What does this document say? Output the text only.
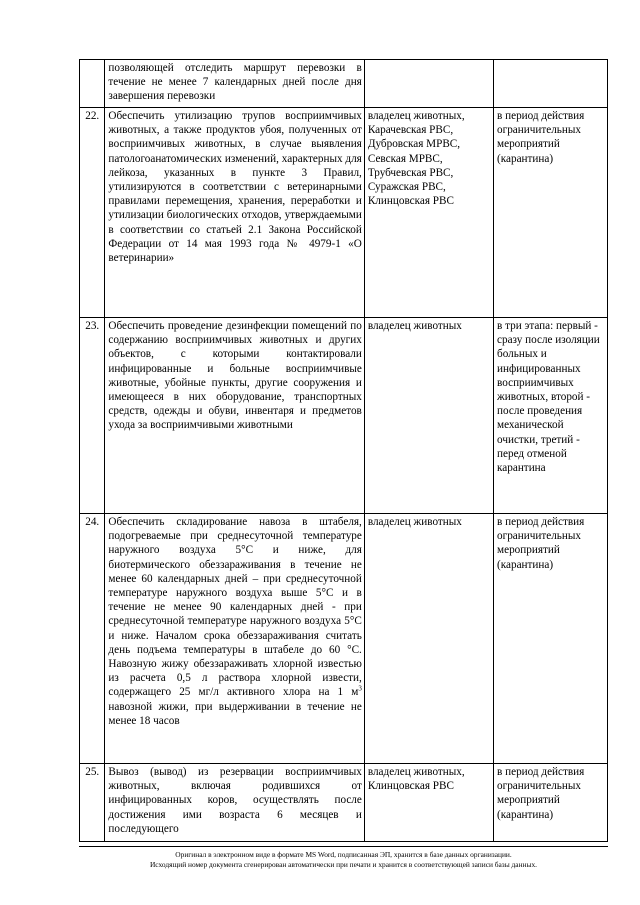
	позволяющей отследить маршрут перевозки в течение не менее 7 календарных дней после дня завершения перевозки		
22.	Обеспечить утилизацию трупов восприимчивых животных, а также продуктов убоя, полученных от восприимчивых животных, в случае выявления патологоанатомических изменений, характерных для лейкоза, указанных в пункте 3 Правил, утилизируются в соответствии с ветеринарными правилами перемещения, хранения, переработки и утилизации биологических отходов, утверждаемыми в соответствии со статьей 2.1 Закона Российской Федерации от 14 мая 1993 года № 4979-1 «О ветеринарии»	владелец животных, Карачевская РВС, Дубровская МРВС, Севская МРВС, Трубчевская РВС, Суражская РВС, Клинцовская РВС	в период действия ограничительных мероприятий (карантина)
23.	Обеспечить проведение дезинфекции помещений по содержанию восприимчивых животных и других объектов, с которыми контактировали инфицированные и больные восприимчивые животные, убойные пункты, другие сооружения и имеющееся в них оборудование, транспортных средств, одежды и обуви, инвентаря и предметов ухода за восприимчивыми животными	владелец животных	в три этапа: первый - сразу после изоляции больных и инфицированных восприимчивых животных, второй - после проведения механической очистки, третий - перед отменой карантина
24.	Обеспечить складирование навоза в штабеля, подогреваемые при среднесуточной температуре наружного воздуха 5°С и ниже, для биотермического обеззараживания в течение не менее 60 календарных дней – при среднесуточной температуре наружного воздуха выше 5°С и в течение не менее 90 календарных дней - при среднесуточной температуре наружного воздуха 5°С и ниже. Началом срока обеззараживания считать день подъема температуры в штабеле до 60 °С. Навозную жижу обеззараживать хлорной известью из расчета 0,5 л раствора хлорной извести, содержащего 25 мг/л активного хлора на 1 $м^3$ навозной жижи, при выдерживании в течение не менее 18 часов	владелец животных	в период действия ограничительных мероприятий (карантина)
25.	Вывоз (вывод) из резервации восприимчивых животных, включая родившихся от инфицированных коров, осуществлять после достижения ими возраста 6 месяцев и последующего	владелец животных, Клинцовская РВС	в период действия ограничительных мероприятий (карантина)
Оригинал в электронном виде в формате MS Word, подписанная ЭП, хранится в базе данных организации.
Исходящий номер документа сгенерирован автоматически при печати и хранится в соответствующей записи базы данных.
